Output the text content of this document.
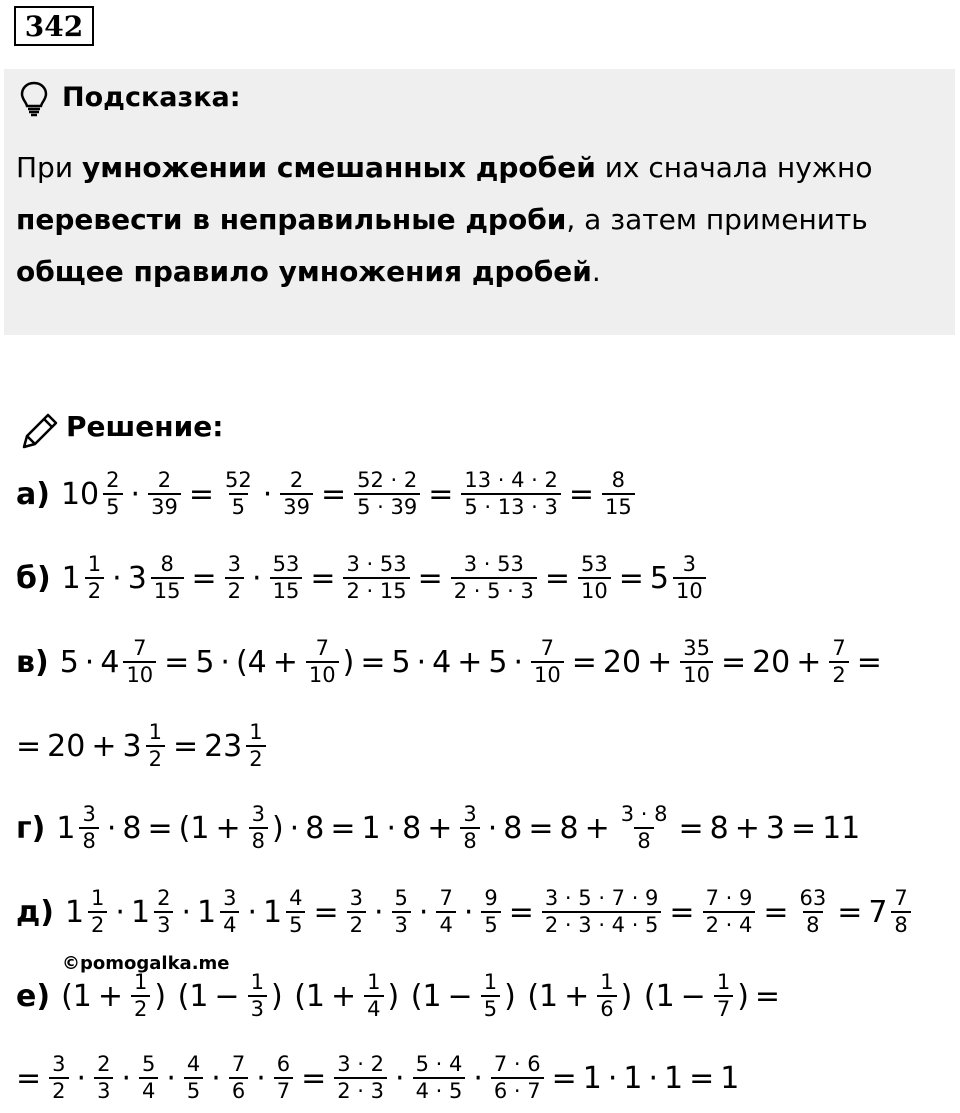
342
Подсказка:
При умножении смешанных дробей их сначала нужно
перевести в неправильные дроби, а затем применить
общее правило умножения дробей.
Решение:
а) 10 2
$5 \cdot \frac{2}{39} = \frac{52}{5} \cdot \frac{2}{39} = \frac{52 \cdot 2}{5 \cdot 39} = \frac{13 \cdot 4 \cdot 2}{5 \cdot 13 \cdot 3} = \frac{8}{15}$
б) 1 1
$2 \cdot 3 \frac{8}{15} = \frac{3}{2} \cdot \frac{53}{15} = \frac{3 \cdot 53}{2 \cdot 15} = \frac{3 \cdot 53}{2 \cdot 5 \cdot 3} = \frac{53}{10} = 5$ 3
10
в) $5 \cdot 4 \frac{7}{10} = 5 \cdot (4 + \frac{7}{10}$ ) = $5 \cdot 4 + 5 \cdot \frac{7}{10} = 20 + \frac{35}{10} = 20 + \frac{7}{2}$ =
= $20 + 3 \frac{1}{2} = 23$ 1
2
г) 1 3
$8 \cdot 8 = (1 + \frac{3}{8}$ ) · $8 = 1 \cdot 8 + \frac{3}{8} \cdot 8 = 8 + \frac{3 \cdot 8}{8} = 8 + 3 = 11$
д) 1 1
2 · 1 2
3 · 1 3
$4 \cdot 1 \frac{4}{5} = \frac{3}{2} \cdot 5$
3 · 7
$4 \cdot \frac{9}{5} = \frac{3 \cdot 5 \cdot 7 \cdot 9}{2 \cdot 3 \cdot 4 \cdot 5} = \frac{7 \cdot 9}{2 \cdot 4} = \frac{63}{8} = 7$ 7
8
©pomogalka.me
е) ($1 + \frac{1}{2}$ ) ($1 - \frac{1}{3}$ ) ($1 + \frac{1}{4}$ ) ($1 - \frac{1}{5}$ ) ($1 + \frac{1}{6}$ ) ($1 - \frac{1}{7}$ ) =
= $\frac{3}{2} \cdot 2$
3 · 5
4 · 4
5 · 7
$6 \cdot \frac{6}{7} = \frac{3 \cdot 2}{2 \cdot 3} \cdot 5 \cdot 4$
$4 \cdot 5 \cdot \frac{7 \cdot 6}{6 \cdot 7} = 1 \cdot 1 \cdot 1 = 1$
